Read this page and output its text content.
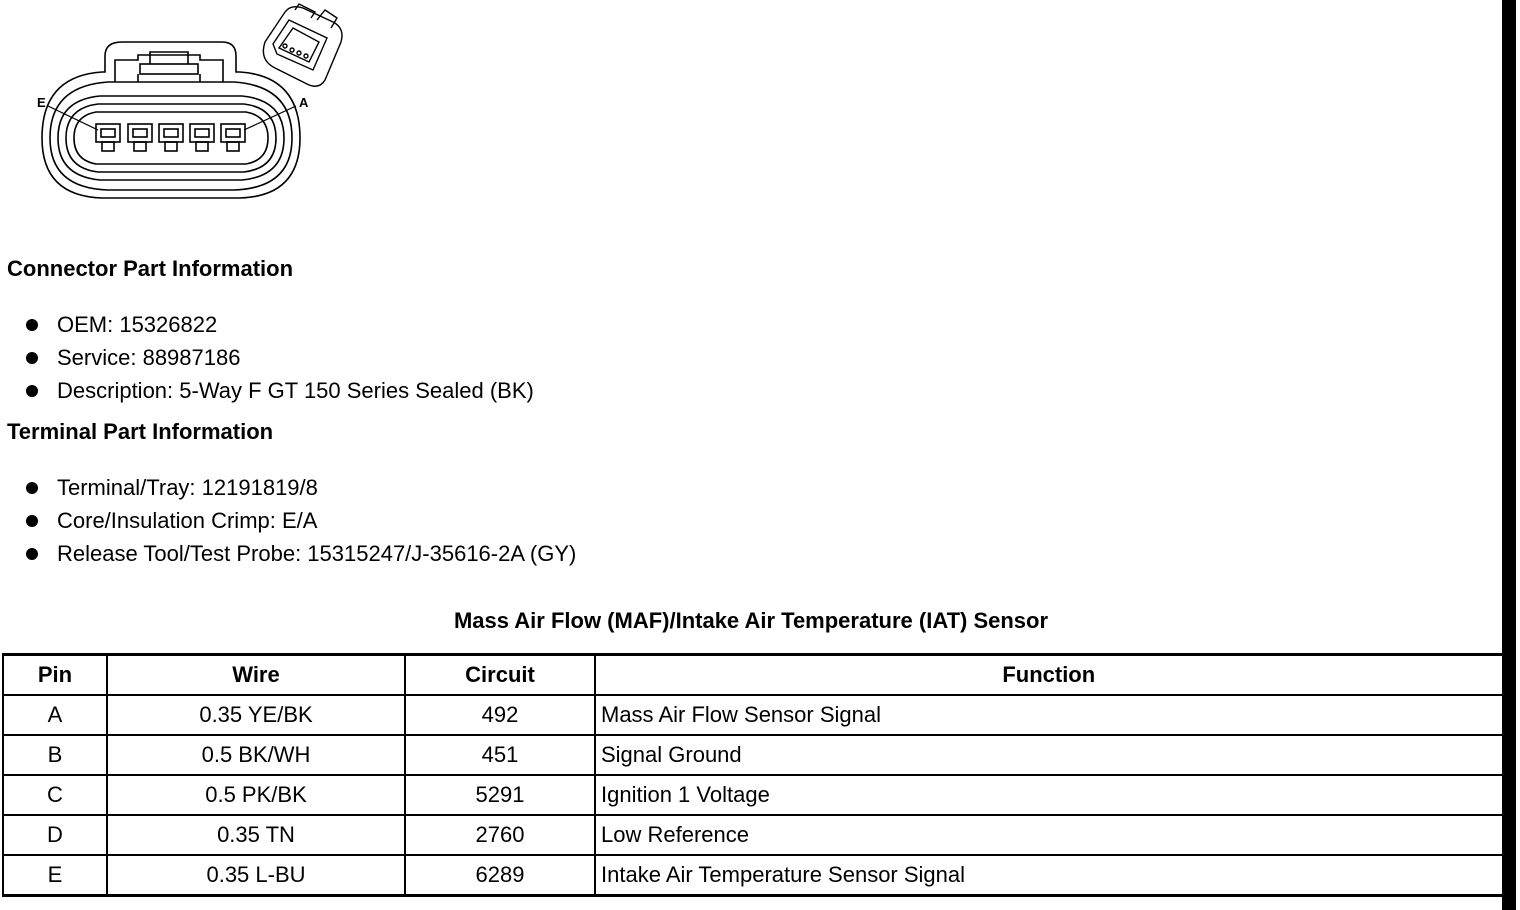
E	A
Connector Part Information
OEM: 15326822
Service: 88987186
Description: 5-Way F GT 150 Series Sealed (BK)
Terminal Part Information
Terminal/Tray: 12191819/8
Core/Insulation Crimp: E/A
Release Tool/Test Probe: 15315247/J-35616-2A (GY)
Mass Air Flow (MAF)/Intake Air Temperature (IAT) Sensor
Pin	Wire	Circuit	Function
A	0.35 YE/BK	492	Mass Air Flow Sensor Signal
B	0.5 BK/WH	451	Signal Ground
C	0.5 PK/BK	5291	Ignition 1 Voltage
D	0.35 TN	2760	Low Reference
E	0.35 L-BU	6289	Intake Air Temperature Sensor Signal
